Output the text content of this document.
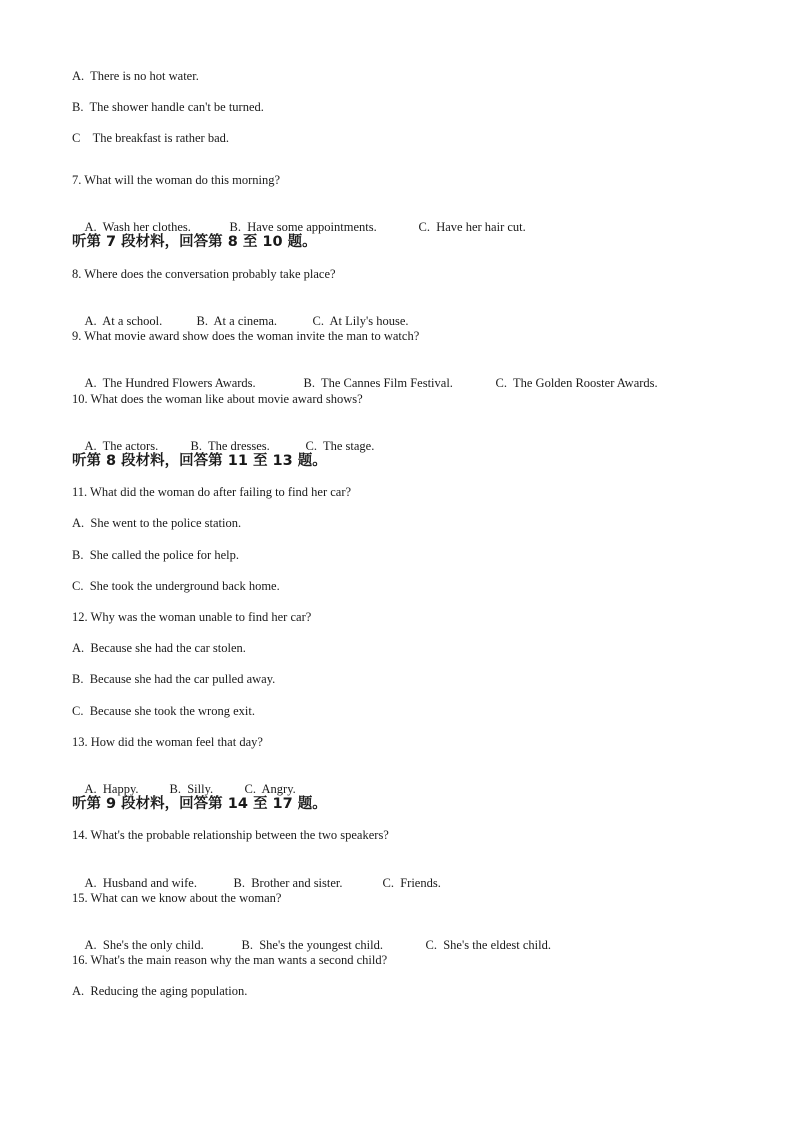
A.  There is no hot water.
B.  The shower handle can't be turned.
C    The breakfast is rather bad.
7. What will the woman do this morning?

A.  Wash her clothes.	B.  Have some appointments.	C.  Have her hair cut.

听第 7 段材料，回答第 8 至 10 题。
8. Where does the conversation probably take place?

A.  At a school.	B.  At a cinema.	C.  At Lily's house.

9. What movie award show does the woman invite the man to watch?

A.  The Hundred Flowers Awards.	B.  The Cannes Film Festival.	C.  The Golden Rooster Awards.

10. What does the woman like about movie award shows?

A.  The actors.	B.  The dresses.	C.  The stage.

听第 8 段材料，回答第 11 至 13 题。
11. What did the woman do after failing to find her car?
A.  She went to the police station.
B.  She called the police for help.
C.  She took the underground back home.
12. Why was the woman unable to find her car?
A.  Because she had the car stolen.
B.  Because she had the car pulled away.
C.  Because she took the wrong exit.
13. How did the woman feel that day?

A.  Happy. B.  Silly.	C.  Angry.

听第 9 段材料，回答第 14 至 17 题。
14. What's the probable relationship between the two speakers?

A.  Husband and wife.	B.  Brother and sister.	C.  Friends.

15. What can we know about the woman?

A.  She's the only child.	B.  She's the youngest child.	C.  She's the eldest child.

16. What's the main reason why the man wants a second child?
A.  Reducing the aging population.
